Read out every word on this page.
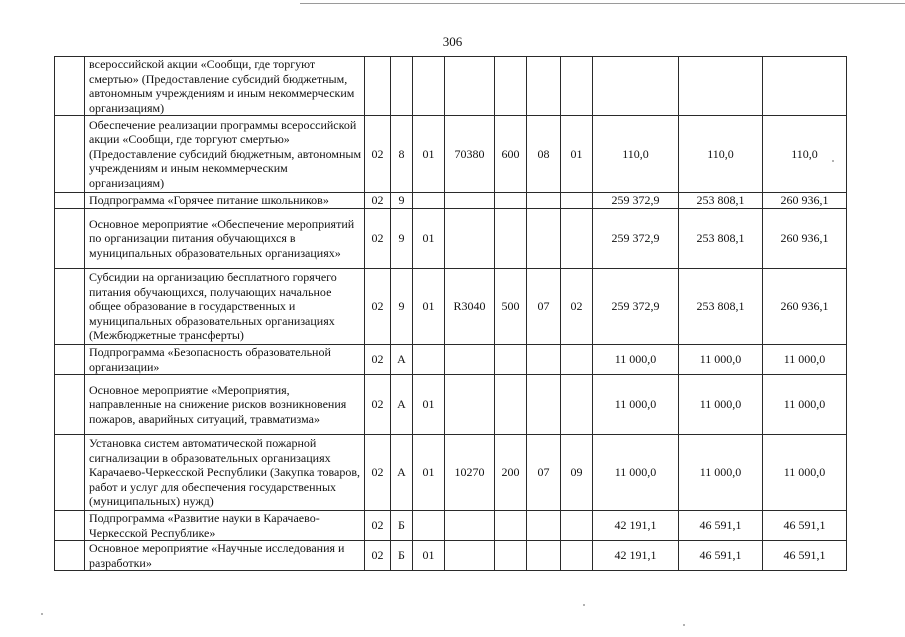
306
	всероссийской акции «Сообщи, где торгуют смертью» (Предоставление субсидий бюджетным, автономным учреждениям и иным некоммерческим организациям)										
	Обеспечение реализации программы всероссийской акции «Сообщи, где торгуют смертью» (Предоставление субсидий бюджетным, автономным учреждениям и иным некоммерческим организациям)	02	8	01	70380	600	08	01	110,0	110,0	110,0
	Подпрограмма «Горячее питание школьников»	02	9						259 372,9	253 808,1	260 936,1
	Основное мероприятие «Обеспечение мероприятий по организации питания обучающихся в муниципальных образовательных организациях»	02	9	01					259 372,9	253 808,1	260 936,1
	Субсидии на организацию бесплатного горячего питания обучающихся, получающих начальное общее образование в государственных и муниципальных образовательных организациях (Межбюджетные трансферты)	02	9	01	R3040	500	07	02	259 372,9	253 808,1	260 936,1
	Подпрограмма «Безопасность образовательной организации»	02	А						11 000,0	11 000,0	11 000,0
	Основное мероприятие «Мероприятия, направленные на снижение рисков возникновения пожаров, аварийных ситуаций, травматизма»	02	А	01					11 000,0	11 000,0	11 000,0
	Установка систем автоматической пожарной сигнализации в образовательных организациях Карачаево-Черкесской Республики (Закупка товаров, работ и услуг для обеспечения государственных (муниципальных) нужд)	02	А	01	10270	200	07	09	11 000,0	11 000,0	11 000,0
	Подпрограмма «Развитие науки в Карачаево-Черкесской Республике»	02	Б						42 191,1	46 591,1	46 591,1
	Основное мероприятие «Научные исследования и разработки»	02	Б	01					42 191,1	46 591,1	46 591,1
